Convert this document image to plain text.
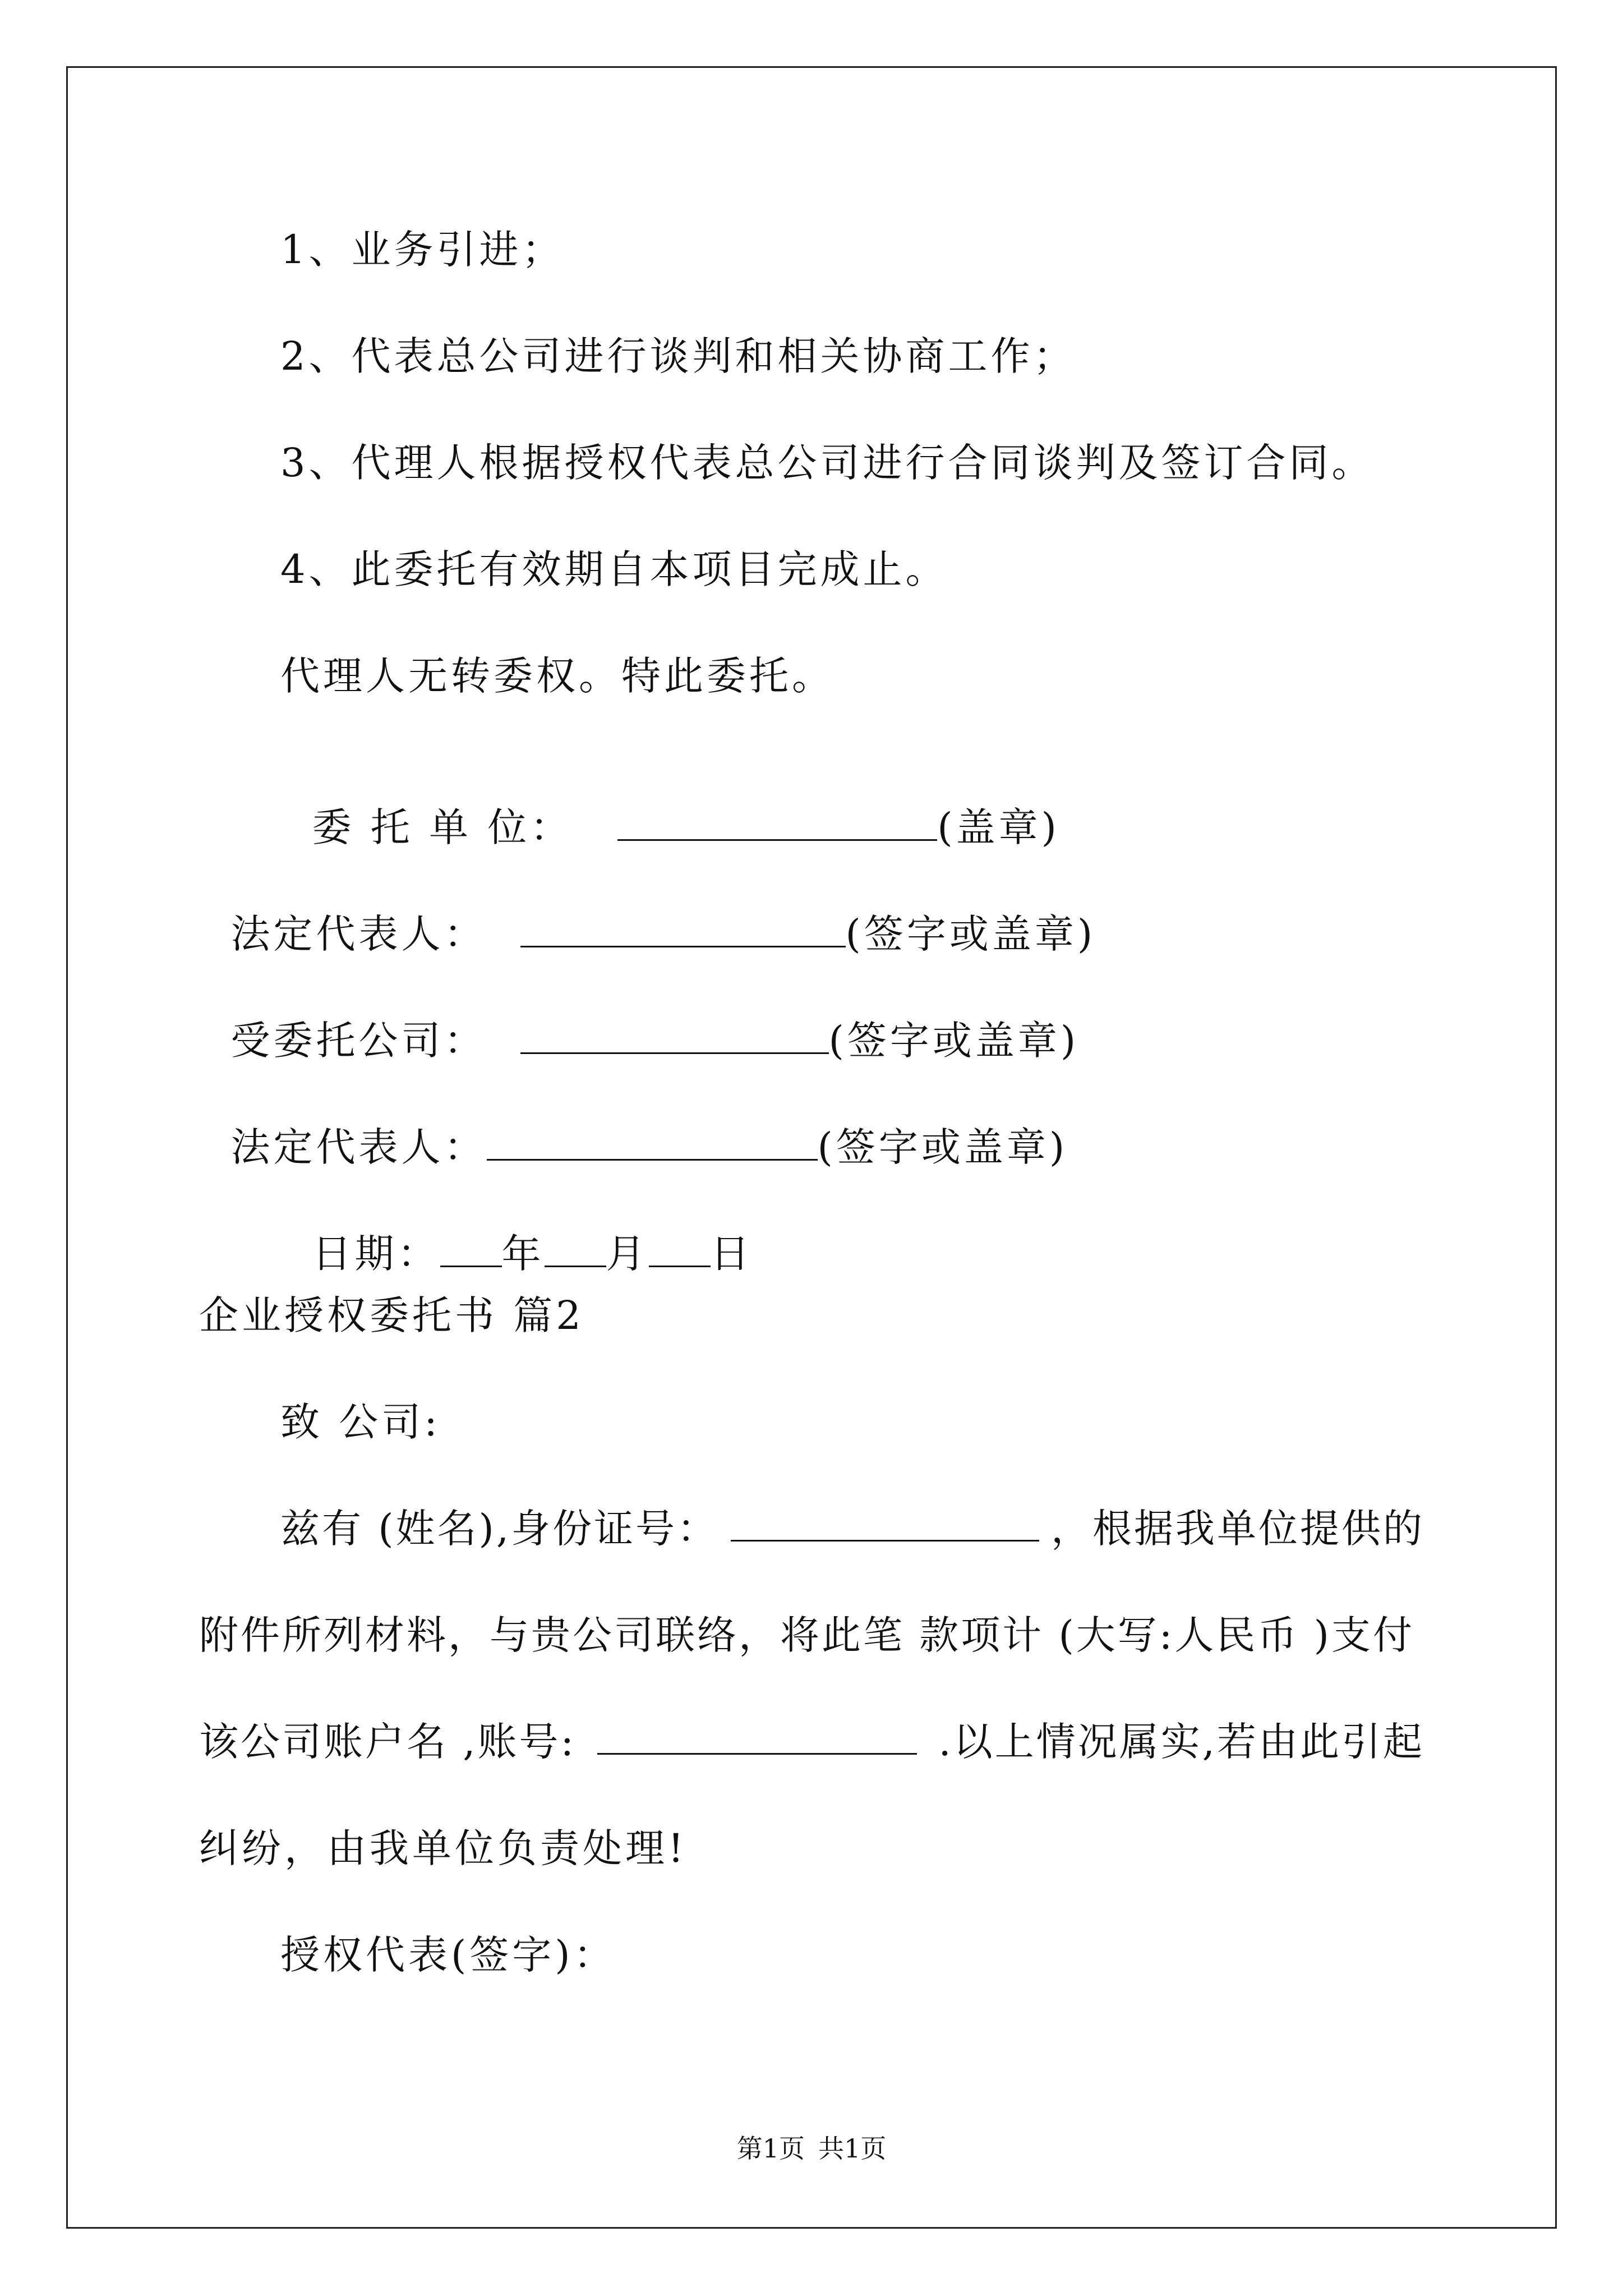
1、业务引进；
2、代表总公司进行谈判和相关协商工作；
3、代理人根据授权代表总公司进行合同谈判及签订合同。
4、此委托有效期自本项目完成止。
代理人无转委权。特此委托。

委 托 单 位：	(盖章)

法定代表人：	(签字或盖章)

受委托公司：	(签字或盖章)

法定代表人：	(签字或盖章)

日期： 年 月 日

企业授权委托书 篇2
致 公司:
兹有 (姓名),身份证号：	，根据我单位提供的
附件所列材料，与贵公司联络，将此笔 款项计 (大写:人民币 )支付
该公司账户名 ,账号:	.以上情况属实,若由此引起
纠纷，由我单位负责处理!
授权代表(签字)：
第1页 共1页
